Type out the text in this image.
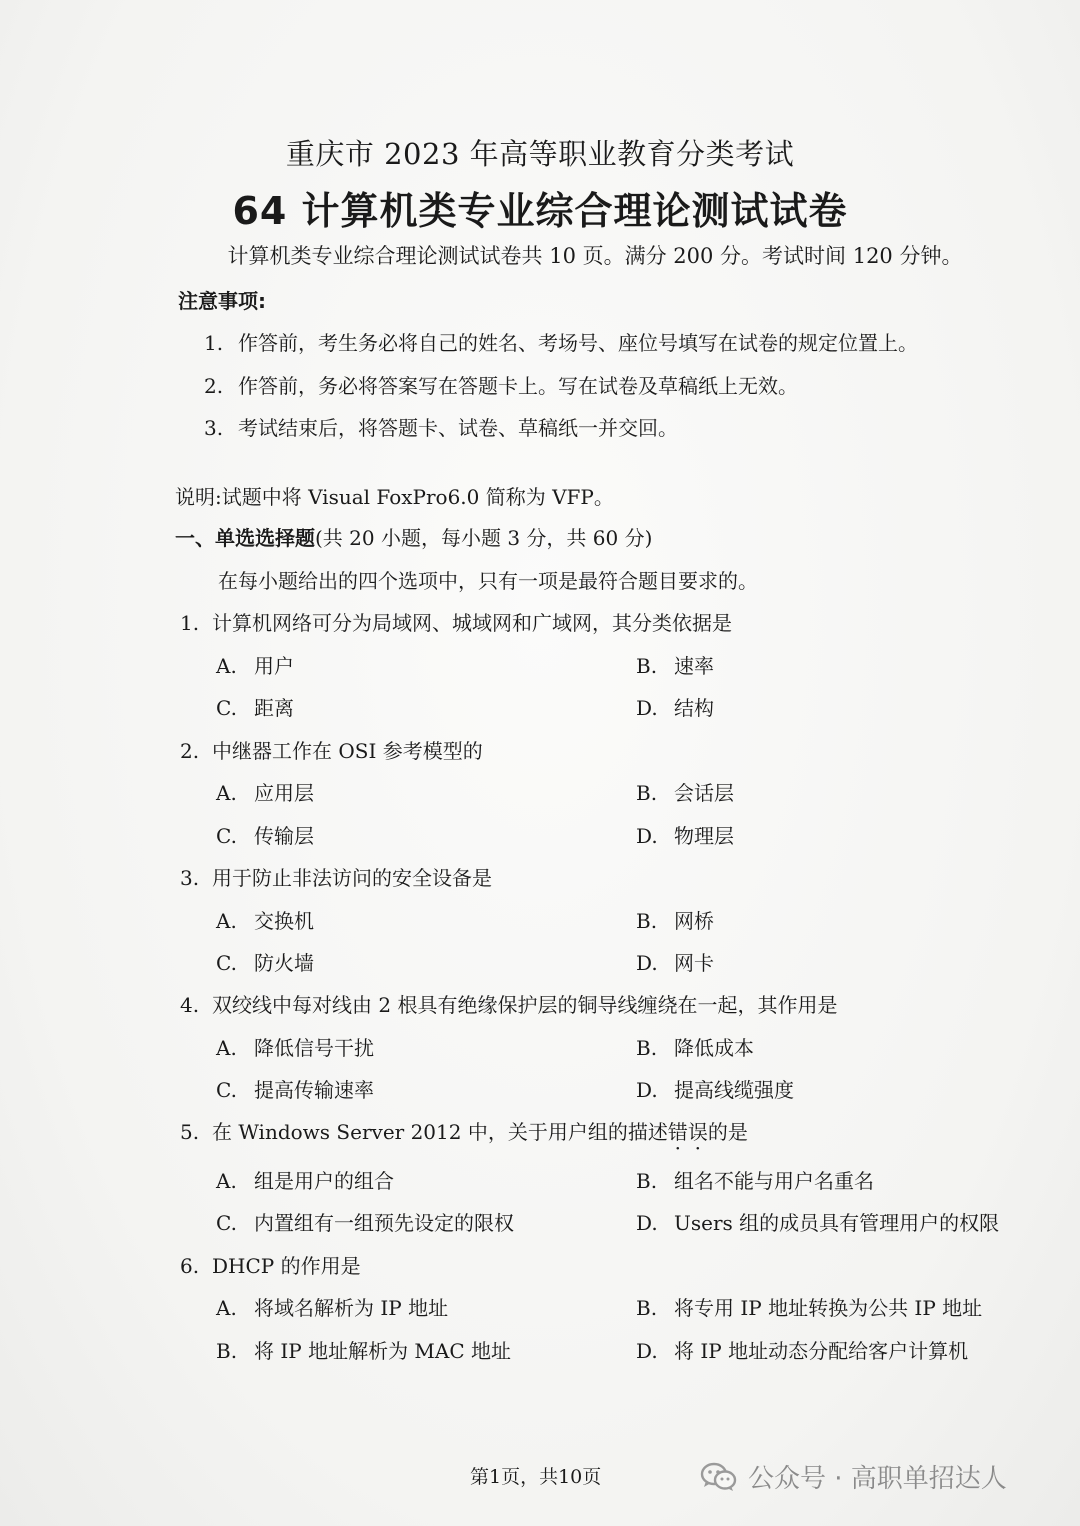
重庆市 2023 年高等职业教育分类考试
64 计算机类专业综合理论测试试卷
计算机类专业综合理论测试试卷共 10 页。满分 200 分。考试时间 120 分钟。
注意事项:
1. 作答前，考生务必将自己的姓名、考场号、座位号填写在试卷的规定位置上。
2. 作答前，务必将答案写在答题卡上。写在试卷及草稿纸上无效。
3. 考试结束后，将答题卡、试卷、草稿纸一并交回。
说明:试题中将 Visual FoxPro6.0 简称为 VFP。
一、单选选择题(共 20 小题，每小题 3 分，共 60 分)
在每小题给出的四个选项中，只有一项是最符合题目要求的。
1. 计算机网络可分为局域网、城域网和广域网，其分类依据是
A. 用户	B. 速率
C. 距离	D. 结构
2. 中继器工作在 OSI 参考模型的
A. 应用层	B. 会话层
C. 传输层	D. 物理层
3. 用于防止非法访问的安全设备是
A. 交换机	B. 网桥
C. 防火墙	D. 网卡
4. 双绞线中每对线由 2 根具有绝缘保护层的铜导线缠绕在一起，其作用是
A. 降低信号干扰	B. 降低成本
C. 提高传输速率	D. 提高线缆强度
5. 在 Windows Server 2012 中，关于用户组的描述错误的是
A. 组是用户的组合	B. 组名不能与用户名重名
C. 内置组有一组预先设定的限权	D. Users 组的成员具有管理用户的权限
6. DHCP 的作用是
A. 将域名解析为 IP 地址	B. 将专用 IP 地址转换为公共 IP 地址
B. 将 IP 地址解析为 MAC 地址	D. 将 IP 地址动态分配给客户计算机
第1页，共10页	公众号 · 高职单招达人
